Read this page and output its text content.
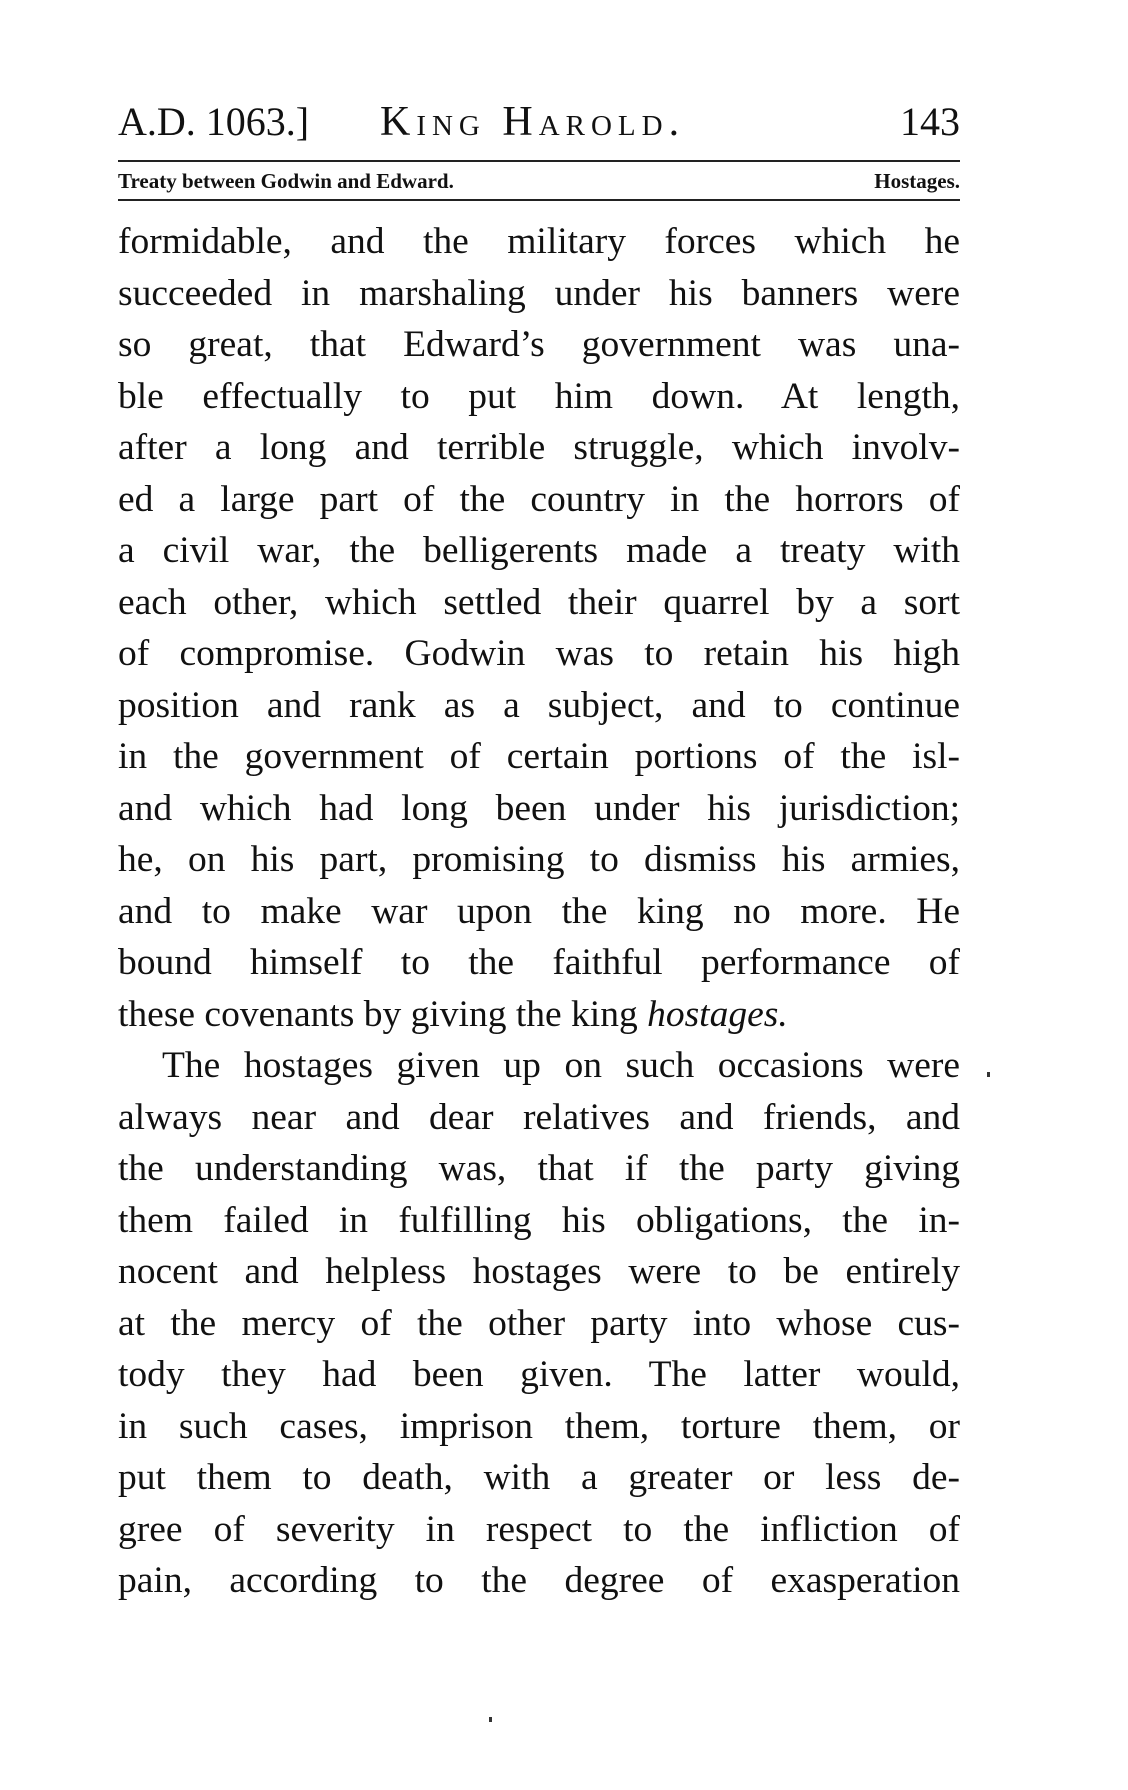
A.D. 1063.] King Harold.	143
Treaty between Godwin and Edward.	Hostages.
formidable, and the military forces which he
succeeded in marshaling under his banners were
so great, that Edward’s government was una-
ble effectually to put him down. At length,
after a long and terrible struggle, which involv-
ed a large part of the country in the horrors of
a civil war, the belligerents made a treaty with
each other, which settled their quarrel by a sort
of compromise. Godwin was to retain his high
position and rank as a subject, and to continue
in the government of certain portions of the isl-
and which had long been under his jurisdiction;
he, on his part, promising to dismiss his armies,
and to make war upon the king no more. He
bound himself to the faithful performance of
these covenants by giving the king hostages.
The hostages given up on such occasions were
always near and dear relatives and friends, and
the understanding was, that if the party giving
them failed in fulfilling his obligations, the in-
nocent and helpless hostages were to be entirely
at the mercy of the other party into whose cus-
tody they had been given. The latter would,
in such cases, imprison them, torture them, or
put them to death, with a greater or less de-
gree of severity in respect to the infliction of
pain, according to the degree of exasperation
